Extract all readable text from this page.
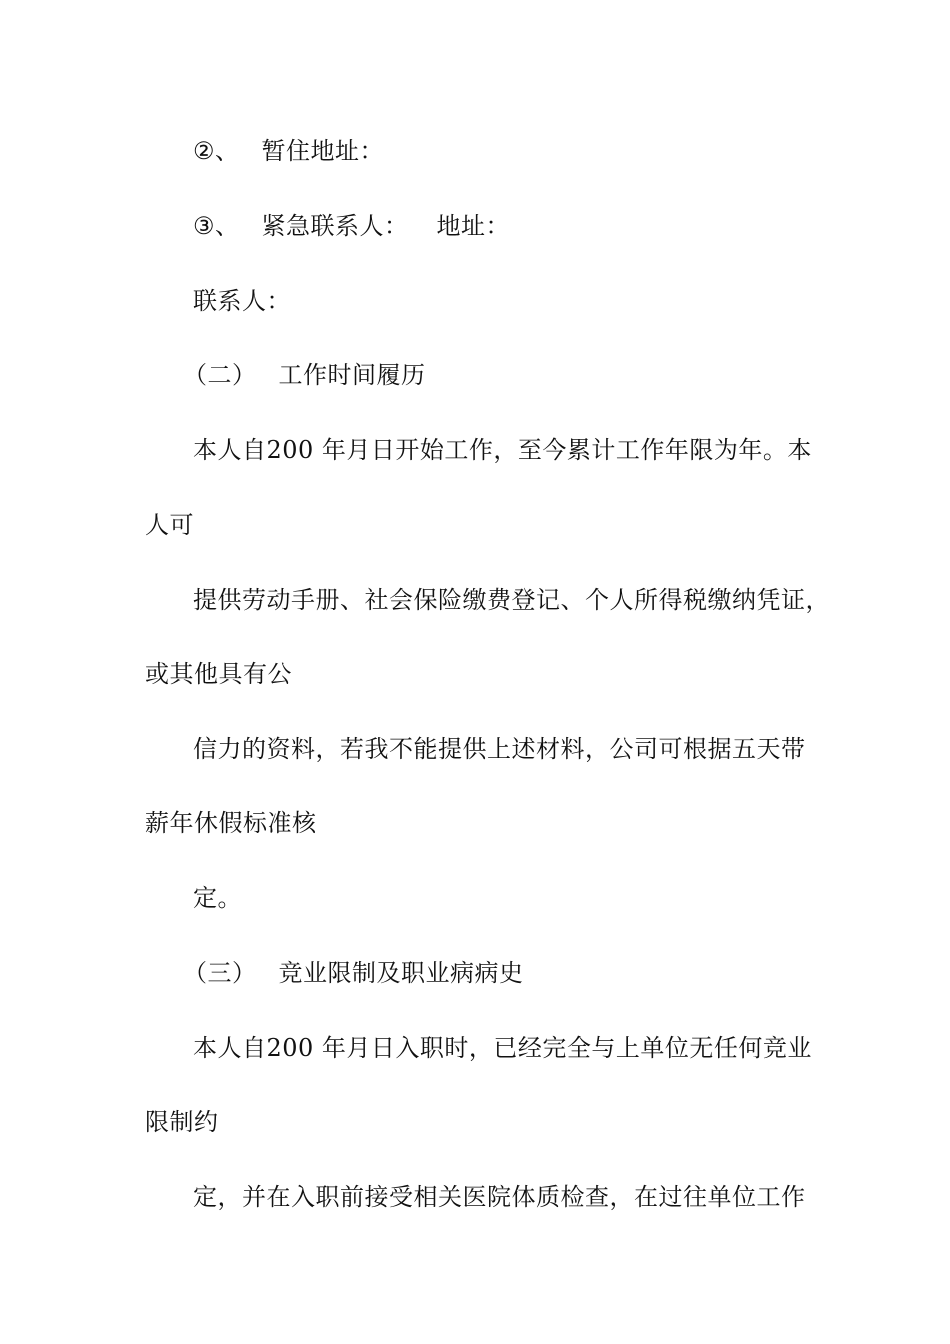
②、 暂住地址：
③、 紧急联系人： 地址：
联系人：
（二） 工作时间履历
本人自200 年月日开始工作，至今累计工作年限为年。本
人可
提供劳动手册、社会保险缴费登记、个人所得税缴纳凭证，
或其他具有公
信力的资料，若我不能提供上述材料，公司可根据五天带
薪年休假标准核
定。
（三） 竞业限制及职业病病史
本人自200 年月日入职时，已经完全与上单位无任何竞业
限制约
定，并在入职前接受相关医院体质检查，在过往单位工作
